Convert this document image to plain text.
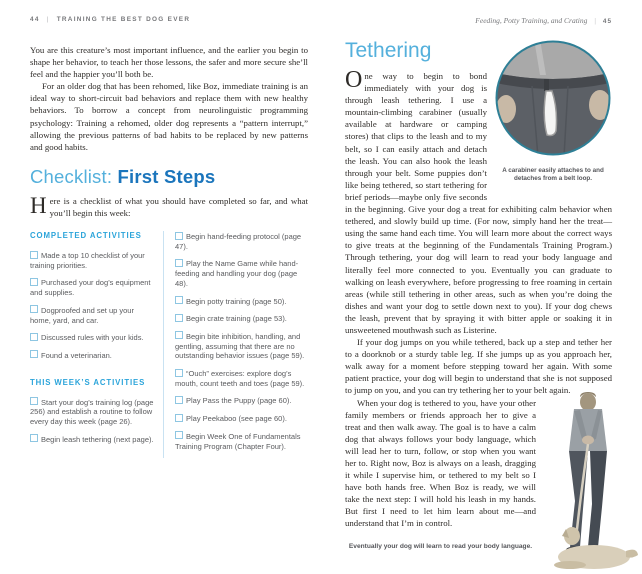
44 | TRAINING THE BEST DOG EVER

You are this creature’s most important influence, and the earlier you begin to shape her behavior, to teach her those lessons, the safer and more secure she’ll feel and the happier you’ll both be.

For an older dog that has been rehomed, like Boz, immediate training is an ideal way to short-circuit bad behaviors and replace them with new healthy behaviors. To borrow a concept from neurolinguistic programming psychology: Training a rehomed, older dog represents a “pattern interrupt,” allowing the previous patterns of bad habits to be replaced by new patterns and good habits.

Checklist: First Steps

Here is a checklist of what you should have completed so far, and what you’ll begin this week:

COMPLETED ACTIVITIES
Made a top 10 checklist of your training priorities.
Purchased your dog’s equipment and supplies.
Dogproofed and set up your home, yard, and car.
Discussed rules with your kids.
Found a veterinarian.
THIS WEEK’S ACTIVITIES
Start your dog’s training log (page 256) and establish a routine to follow every day this week (page 26).
Begin leash tethering (next page).
Begin hand-feeding protocol (page 47).
Play the Name Game while hand-feeding and handling your dog (page 48).
Begin potty training (page 50).
Begin crate training (page 53).
Begin bite inhibition, handling, and gentling, assuming that there are no outstanding behavior issues (page 59).
“Ouch” exercises: explore dog’s mouth, count teeth and toes (page 59).
Play Pass the Puppy (page 60).
Play Peekaboo (see page 60).
Begin Week One of Fundamentals Training Program (Chapter Four).
Feeding, Potty Training, and Crating | 45
A carabiner easily attaches to and detaches from a belt loop.
Tethering

One way to begin to bond immediately with your dog is through leash tethering. I use a mountain-climbing carabiner (usually available at hardware or camping stores) that clips to the leash and to my belt, so I can easily attach and detach the leash. You can also hook the leash through your belt. Some puppies don’t like being tethered, so start tethering for brief periods—maybe only five seconds in the beginning. Give your dog a treat for exhibiting calm behavior when tethered, and slowly build up time. (For now, simply hand her the treat—using the same hand each time. You will learn more about the correct ways to give treats at the beginning of the Fundamentals Training Program.) Through tethering, your dog will learn to read your body language and literally feel more connected to you. Eventually you can graduate to walking on leash everywhere, before progressing to free roaming in certain areas (while still tethering in other areas, such as when you’re doing the dishes and want your dog to settle down next to you). If your dog chews the leash, prevent that by spraying it with bitter apple or soaking it in unsweetened mouthwash such as Listerine.

If your dog jumps on you while tethered, back up a step and tether her to a doorknob or a sturdy table leg. If she jumps up as you approach her, walk away for a moment before stepping toward her again. With some patient practice, your dog will begin to understand that she is not supposed to jump on you, and you can try tethering her to your belt again.

When your dog is tethered to you, have your other family members or friends approach her to give a treat and then walk away. The goal is to have a calm dog that always follows your body language, which will lead her to turn, follow, or stop when you want her to. Right now, Boz is always on a leash, dragging it while I supervise him, or tethered to my belt so I have both hands free. When Boz is ready, we will take the next step: I will hold his leash in my hands. But first I need to let him learn about me—and understand that I’m in control.

Eventually your dog will learn to read your body language.
